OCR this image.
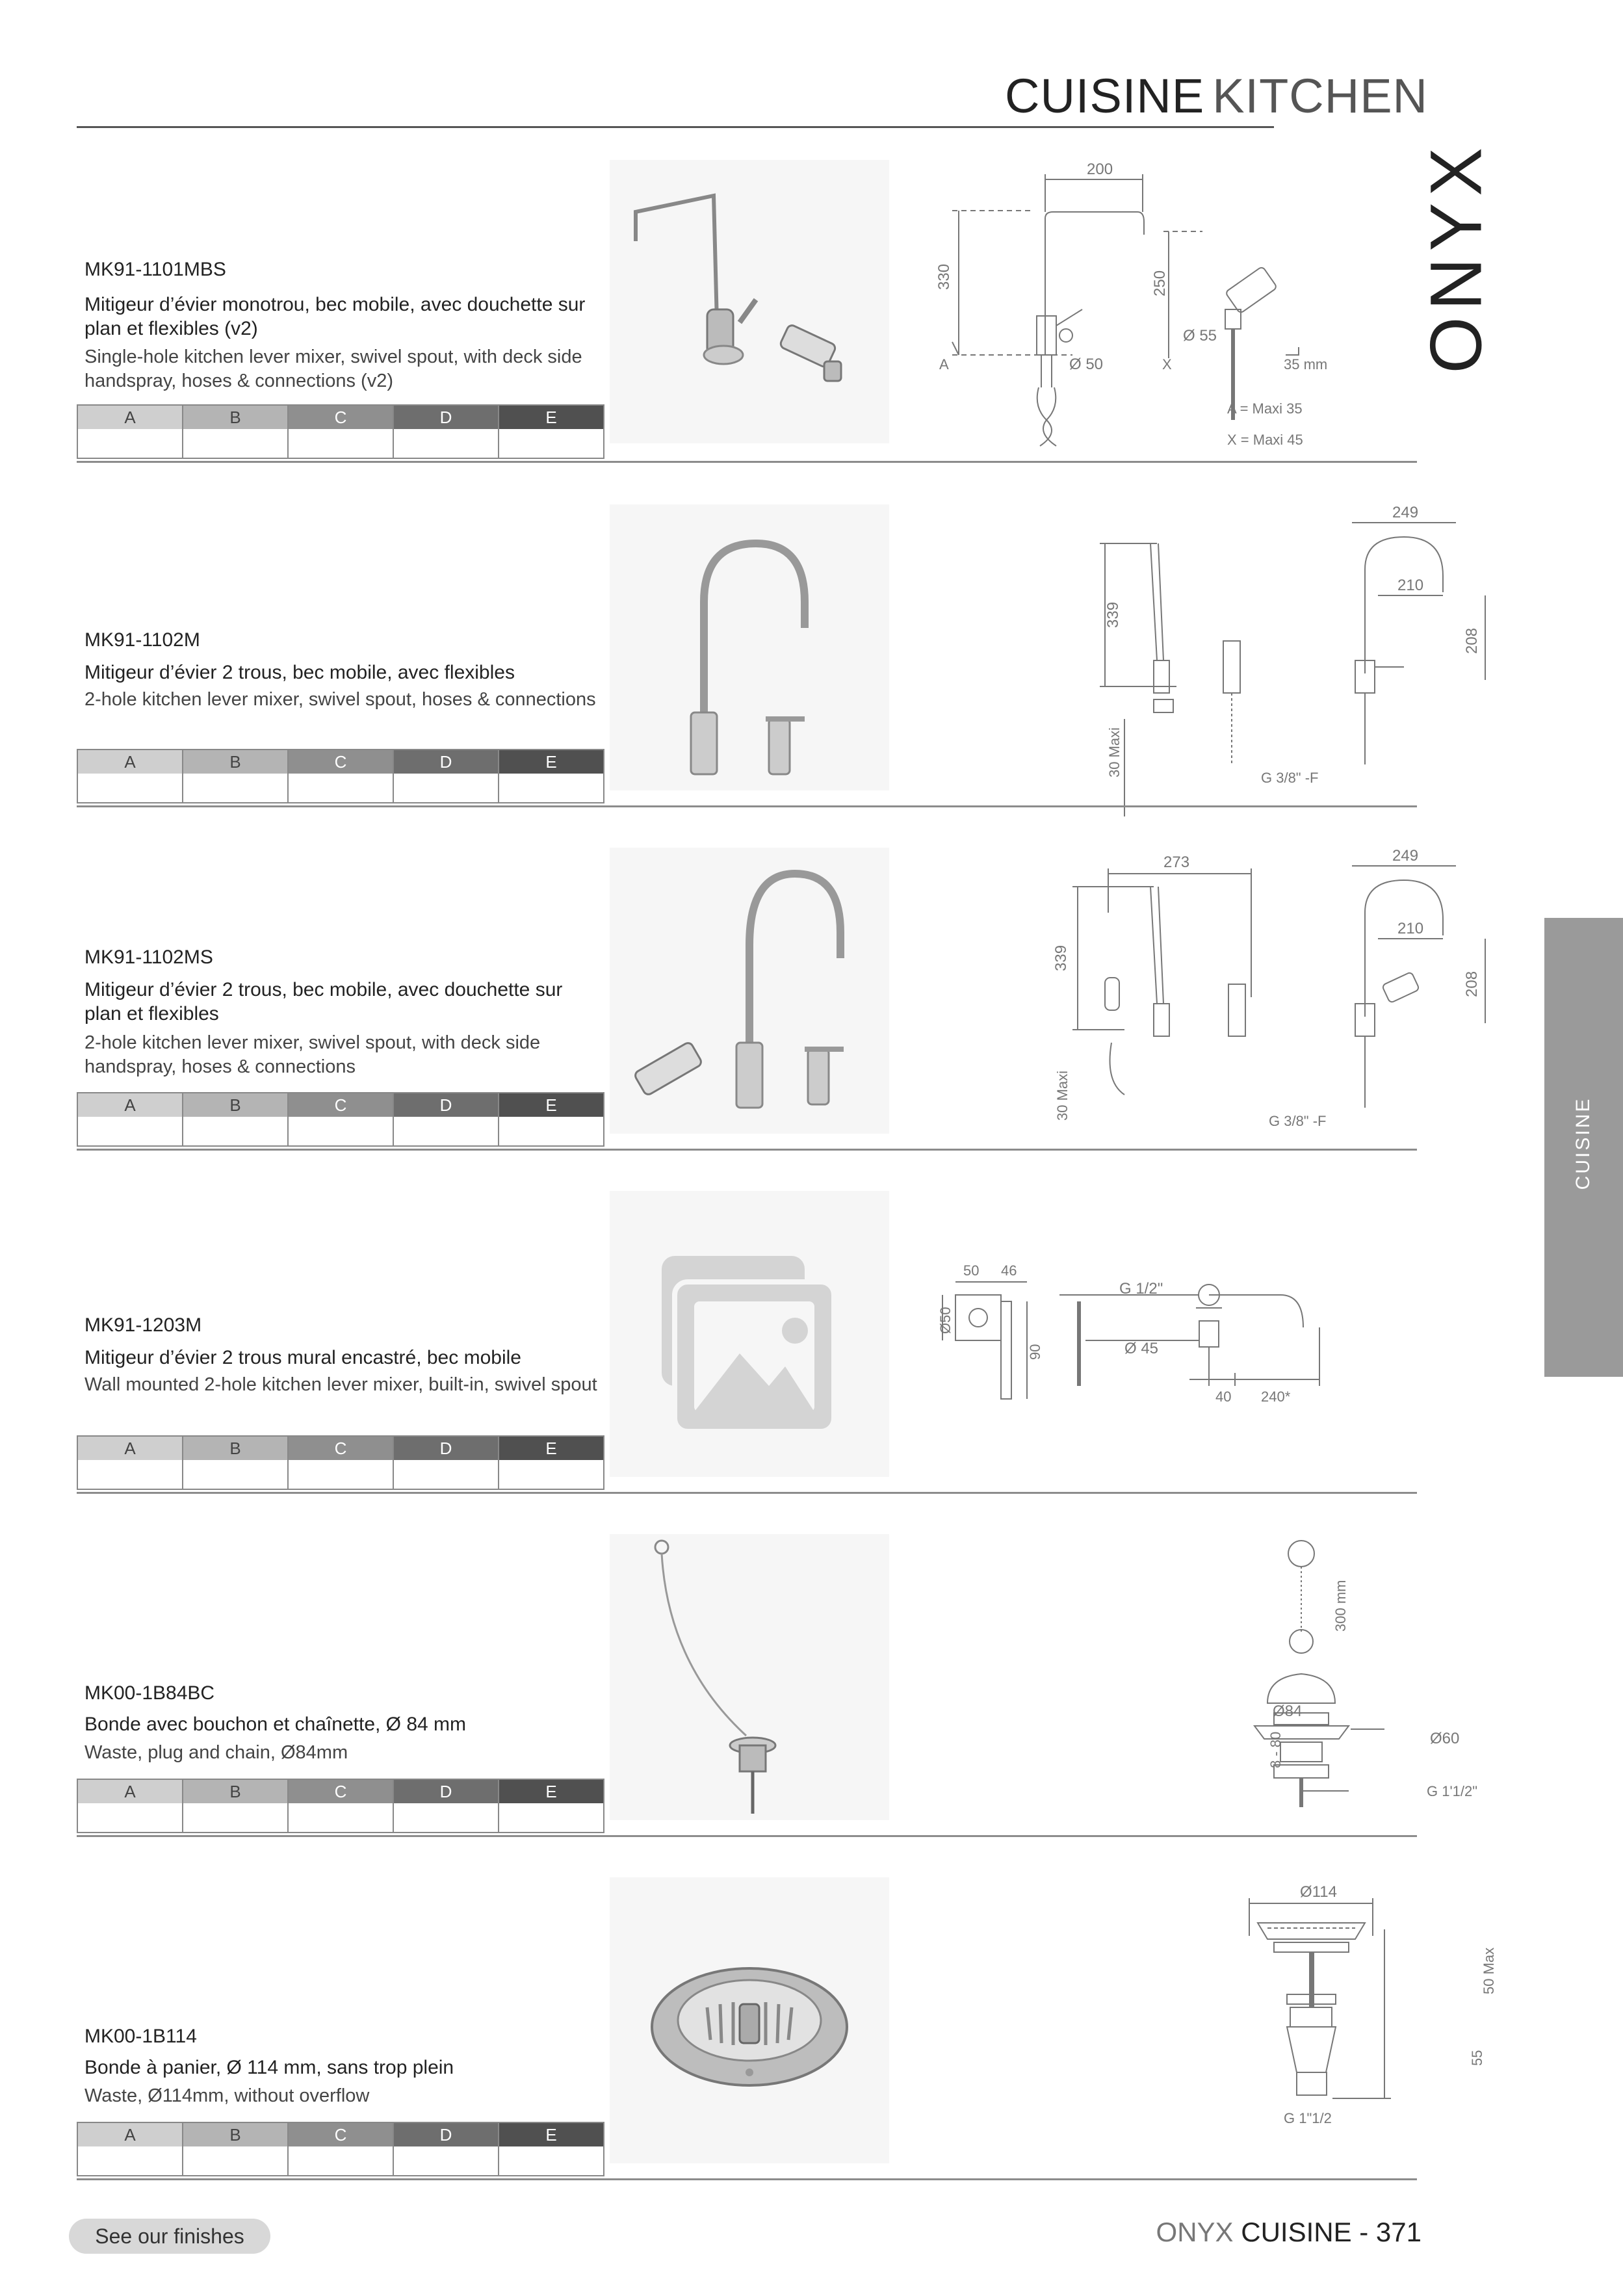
CUISINE KITCHEN
ONYX
CUISINE
MK91-1101MBS
Mitigeur d’évier monotrou, bec mobile, avec douchette sur plan et flexibles (v2)
Single-hole kitchen lever mixer, swivel spout, with deck side handspray, hoses & connections (v2)
A	B	C	D	E
200
330	250
A	Ø 50	X
Ø 55
35 mm
A = Maxi 35
X = Maxi 45
MK91-1102M
Mitigeur d’évier 2 trous, bec mobile, avec flexibles
2-hole kitchen lever mixer, swivel spout, hoses & connections
A	B	C	D	E
339
30 Maxi
G 3/8" -F
249
210
208
MK91-1102MS
Mitigeur d’évier 2 trous, bec mobile, avec douchette sur plan et flexibles
2-hole kitchen lever mixer, swivel spout, with deck side handspray, hoses & connections
A	B	C	D	E
273
339
30 Maxi
G 3/8" -F
249
210
208
MK91-1203M
Mitigeur d’évier 2 trous mural encastré, bec mobile
Wall mounted 2-hole kitchen lever mixer, built-in, swivel spout
A	B	C	D	E
50 46
Ø50
90
G 1/2"
Ø 45
40 240*
MK00-1B84BC
Bonde avec bouchon et chaînette, Ø 84 mm
Waste, plug and chain, Ø84mm
A	B	C	D	E
300 mm
Ø84
8 - 80	Ø60
G 1'1/2"
MK00-1B114
Bonde à panier, Ø 114 mm, sans trop plein
Waste, Ø114mm, without overflow
A	B	C	D	E
Ø114
50 Max
55
G 1"1/2
See our finishes	ONYX CUISINE - 371
